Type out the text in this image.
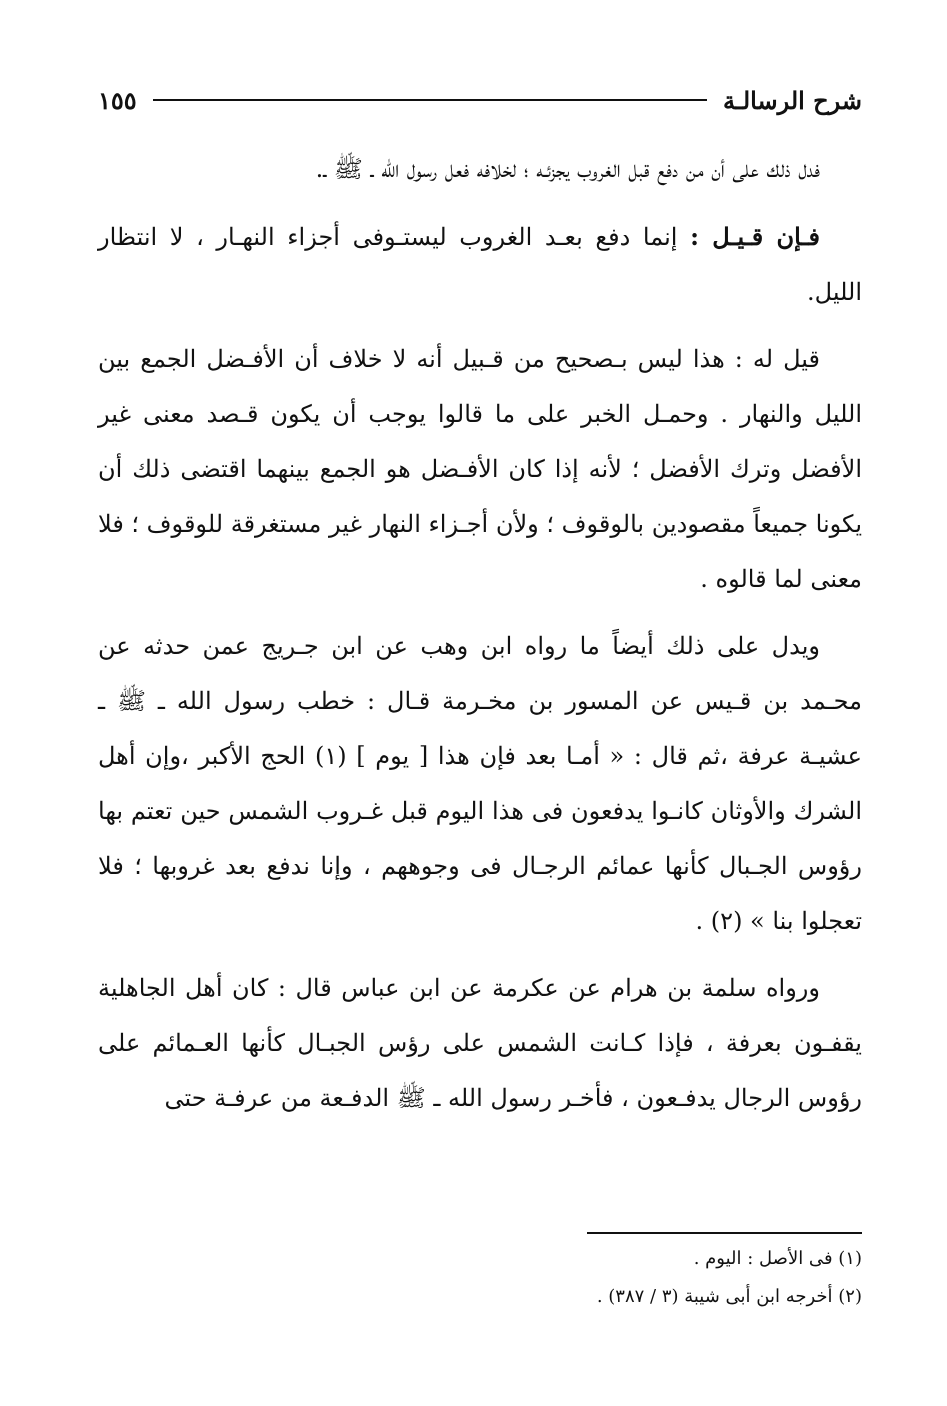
شرح الرسالـة
١٥٥

فدل ذلك على أن من دفع قبل الغروب يجزئـه ؛ لخلافه فعل رسول الله ـ ﷺ ـ.

فـإن قـيـل : إنما دفع بعـد الغروب ليستـوفى أجزاء النهـار ، لا انتظار الليل.

قيل له : هذا ليس بـصحيح من قـبيل أنه لا خلاف أن الأفـضل الجمع بين الليل والنهار . وحمـل الخبر على ما قالوا يوجب أن يكون قـصد معنى غير الأفضل وترك الأفضل ؛ لأنه إذا كان الأفـضل هو الجمع بينهما اقتضى ذلك أن يكونا جميعاً مقصودين بالوقوف ؛ ولأن أجـزاء النهار غير مستغرقة للوقوف ؛ فلا معنى لما قالوه .

ويدل على ذلك أيضاً ما رواه ابن وهب عن ابن جـريج عمن حدثه عن محـمد بن قـيس عن المسور بن مخـرمة قـال : خطب رسول الله ـ ﷺ ـ عشيـة عرفة ،ثم قال : « أمـا بعد فإن هذا [ يوم ] (١) الحج الأكبر ،وإن أهل الشرك والأوثان كانـوا يدفعون فى هذا اليوم قبل غـروب الشمس حين تعتم بها رؤوس الجـبال كأنها عمائم الرجـال فى وجوههم ، وإنا ندفع بعد غروبها ؛ فلا تعجلوا بنا » (٢) .

ورواه سلمة بن هرام عن عكرمة عن ابن عباس قال : كان أهل الجاهلية يقفـون بعرفة ، فإذا كـانت الشمس على رؤس الجبـال كأنها العـمائم على رؤوس الرجال يدفـعون ، فأخـر رسول الله ـ ﷺ الدفـعة من عرفـة حتى

(١) فى الأصل : اليوم .

(٢) أخرجه ابن أبى شيبة (٣ / ٣٨٧) .
